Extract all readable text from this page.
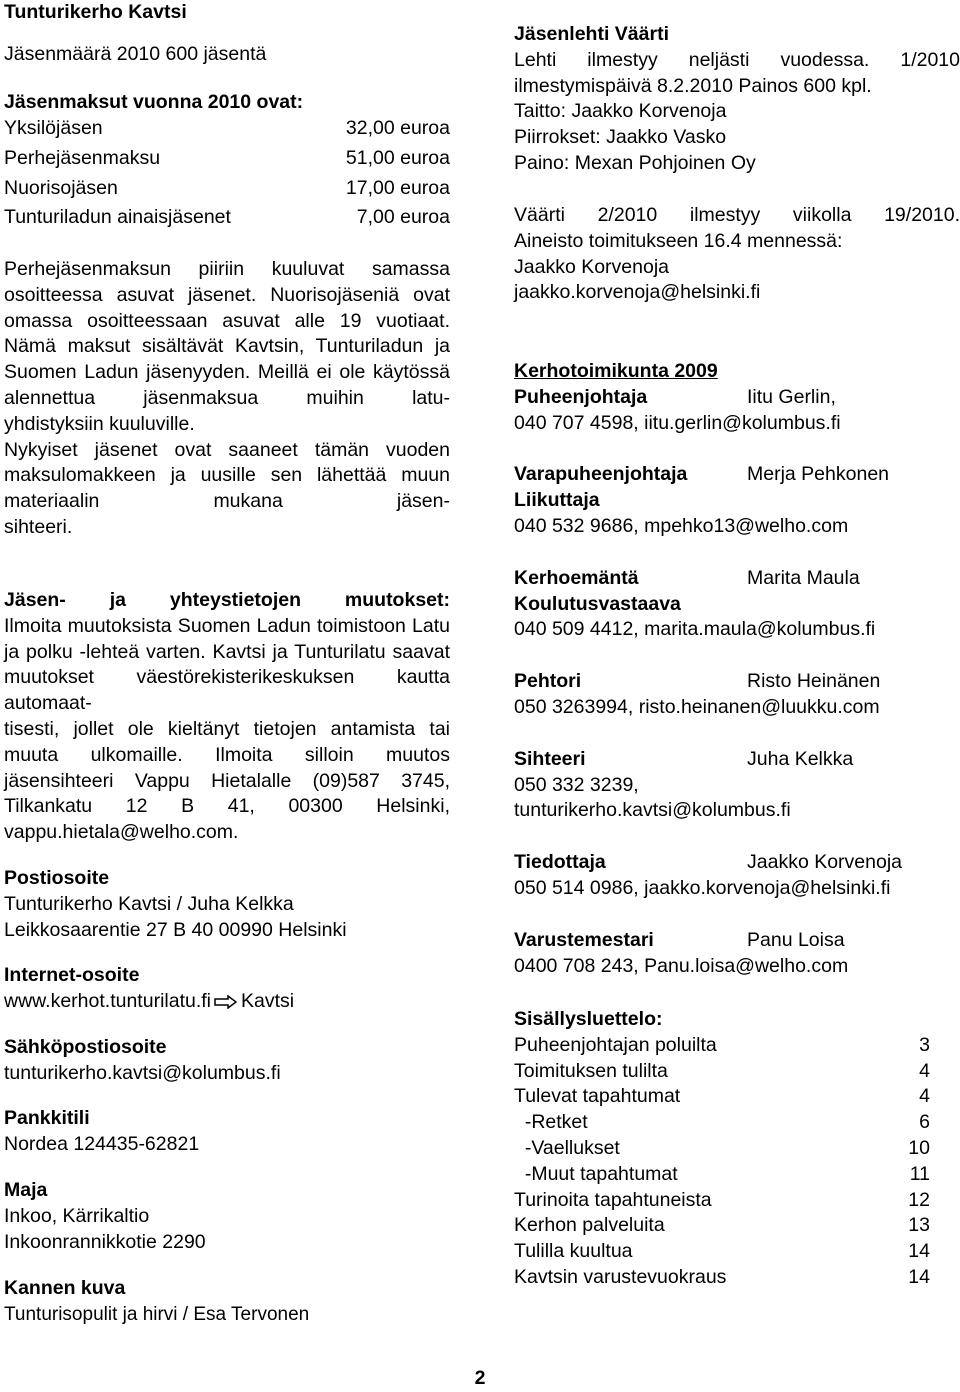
Tunturikerho Kavtsi

Jäsenmäärä 2010 600 jäsentä

Jäsenmaksut vuonna 2010 ovat:

Yksilöjäsen	32,00 euroa
Perhejäsenmaksu	51,00 euroa
Nuorisojäsen	17,00 euroa
Tunturiladun ainaisjäsenet	7,00 euroa

Perhejäsenmaksun piiriin kuuluvat samassa osoitteessa asuvat jäsenet. Nuorisojäseniä ovat omassa osoitteessaan asuvat alle 19 vuotiaat. Nämä maksut sisältävät Kavtsin, Tunturiladun ja Suomen Ladun jäsenyyden. Meillä ei ole käytössä alennettua jäsenmaksua muihin latu-

yhdistyksiin kuuluville.

Nykyiset jäsenet ovat saaneet tämän vuoden maksulomakkeen ja uusille sen lähettää muun materiaalin mukana jäsen-

sihteeri.

Jäsen- ja yhteystietojen muutokset:

Ilmoita muutoksista Suomen Ladun toimistoon Latu ja polku -lehteä varten. Kavtsi ja Tunturilatu saavat muutokset väestörekisterikeskuksen kautta automaat-

tisesti, jollet ole kieltänyt tietojen antamista tai muuta ulkomaille. Ilmoita silloin muutos jäsensihteeri Vappu Hietalalle (09)587 3745, Tilkankatu 12 B 41, 00300 Helsinki,

vappu.hietala@welho.com.

Postiosoite

Tunturikerho Kavtsi / Juha Kelkka

Leikkosaarentie 27 B 40 00990 Helsinki

Internet-osoite

www.kerhot.tunturilatu.fi Kavtsi

Sähköpostiosoite

tunturikerho.kavtsi@kolumbus.fi

Pankkitili

Nordea 124435-62821

Maja

Inkoo, Kärrikaltio

Inkoonrannikkotie 2290

Kannen kuva

Tunturisopulit ja hirvi / Esa Tervonen

Jäsenlehti Väärti

Lehti ilmestyy neljästi vuodessa. 1/2010

ilmestymispäivä 8.2.2010 Painos 600 kpl.

Taitto: Jaakko Korvenoja

Piirrokset: Jaakko Vasko

Paino: Mexan Pohjoinen Oy

Väärti 2/2010 ilmestyy viikolla 19/2010.

Aineisto toimitukseen 16.4 mennessä:

Jaakko Korvenoja

jaakko.korvenoja@helsinki.fi

Kerhotoimikunta 2009

Puheenjohtaja	Iitu Gerlin,

040 707 4598, iitu.gerlin@kolumbus.fi

Varapuheenjohtaja	Merja Pehkonen

Liikuttaja

040 532 9686, mpehko13@welho.com

Kerhoemäntä	Marita Maula

Koulutusvastaava

040 509 4412, marita.maula@kolumbus.fi

Pehtori	Risto Heinänen

050 3263994, risto.heinanen@luukku.com

Sihteeri	Juha Kelkka

050 332 3239,

tunturikerho.kavtsi@kolumbus.fi

Tiedottaja	Jaakko Korvenoja

050 514 0986, jaakko.korvenoja@helsinki.fi

Varustemestari	Panu Loisa

0400 708 243, Panu.loisa@welho.com

Sisällysluettelo:

Puheenjohtajan poluilta	3
Toimituksen tulilta	4
Tulevat tapahtumat	4
-Retket	6
-Vaellukset	10
-Muut tapahtumat	11
Turinoita tapahtuneista	12
Kerhon palveluita	13
Tulilla kuultua	14
Kavtsin varustevuokraus	14
2
